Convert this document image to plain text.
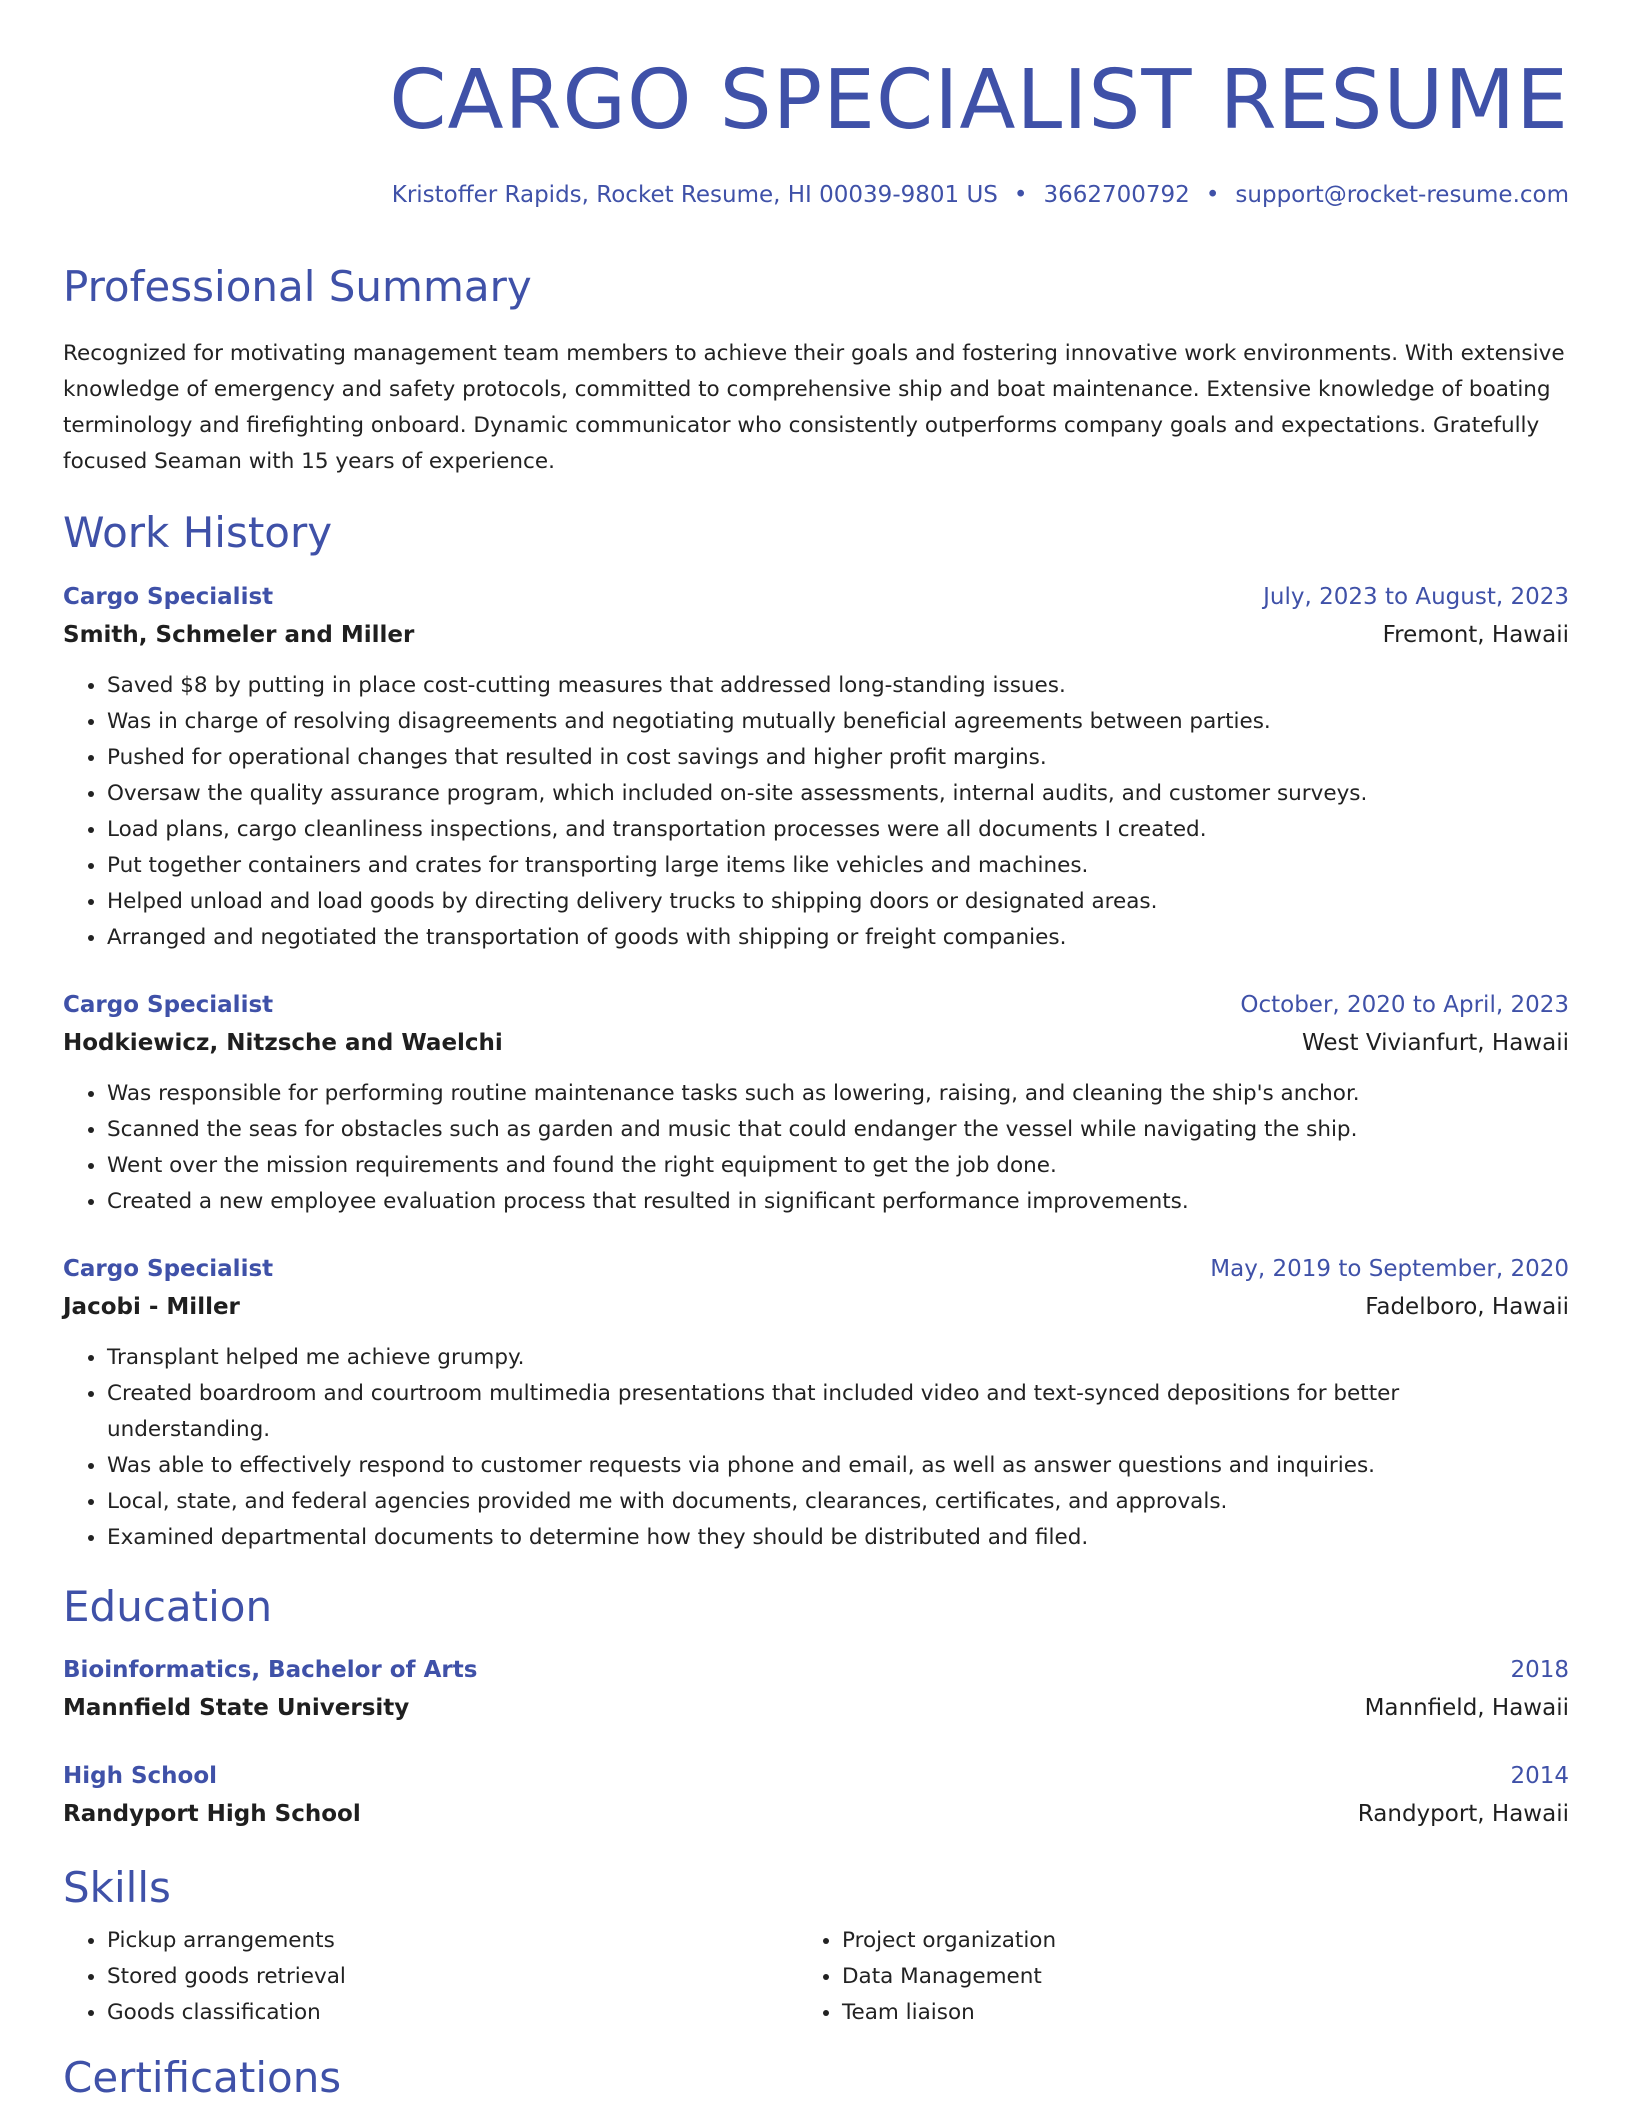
CARGO SPECIALIST RESUME
Kristoffer Rapids, Rocket Resume, HI 00039-9801 US • 3662700792 • support@rocket-resume.com
Professional Summary
Recognized for motivating management team members to achieve their goals and fostering innovative work environments. With extensive knowledge of emergency and safety protocols, committed to comprehensive ship and boat maintenance. Extensive knowledge of boating terminology and firefighting onboard. Dynamic communicator who consistently outperforms company goals and expectations. Gratefully focused Seaman with 15 years of experience.
Work History
Cargo Specialist	July, 2023 to August, 2023
Smith, Schmeler and Miller	Fremont, Hawaii
• Saved $8 by putting in place cost-cutting measures that addressed long-standing issues.
• Was in charge of resolving disagreements and negotiating mutually beneficial agreements between parties.
• Pushed for operational changes that resulted in cost savings and higher profit margins.
• Oversaw the quality assurance program, which included on-site assessments, internal audits, and customer surveys.
• Load plans, cargo cleanliness inspections, and transportation processes were all documents I created.
• Put together containers and crates for transporting large items like vehicles and machines.
• Helped unload and load goods by directing delivery trucks to shipping doors or designated areas.
• Arranged and negotiated the transportation of goods with shipping or freight companies.
Cargo Specialist	October, 2020 to April, 2023
Hodkiewicz, Nitzsche and Waelchi	West Vivianfurt, Hawaii
• Was responsible for performing routine maintenance tasks such as lowering, raising, and cleaning the ship's anchor.
• Scanned the seas for obstacles such as garden and music that could endanger the vessel while navigating the ship.
• Went over the mission requirements and found the right equipment to get the job done.
• Created a new employee evaluation process that resulted in significant performance improvements.
Cargo Specialist	May, 2019 to September, 2020
Jacobi - Miller	Fadelboro, Hawaii
• Transplant helped me achieve grumpy.
• Created boardroom and courtroom multimedia presentations that included video and text-synced depositions for better understanding.
• Was able to effectively respond to customer requests via phone and email, as well as answer questions and inquiries.
• Local, state, and federal agencies provided me with documents, clearances, certificates, and approvals.
• Examined departmental documents to determine how they should be distributed and filed.
Education
Bioinformatics, Bachelor of Arts	2018
Mannfield State University	Mannfield, Hawaii
High School	2014
Randyport High School	Randyport, Hawaii
Skills
• Pickup arrangements
• Stored goods retrieval
• Goods classification
• Project organization
• Data Management
• Team liaison
Certifications
